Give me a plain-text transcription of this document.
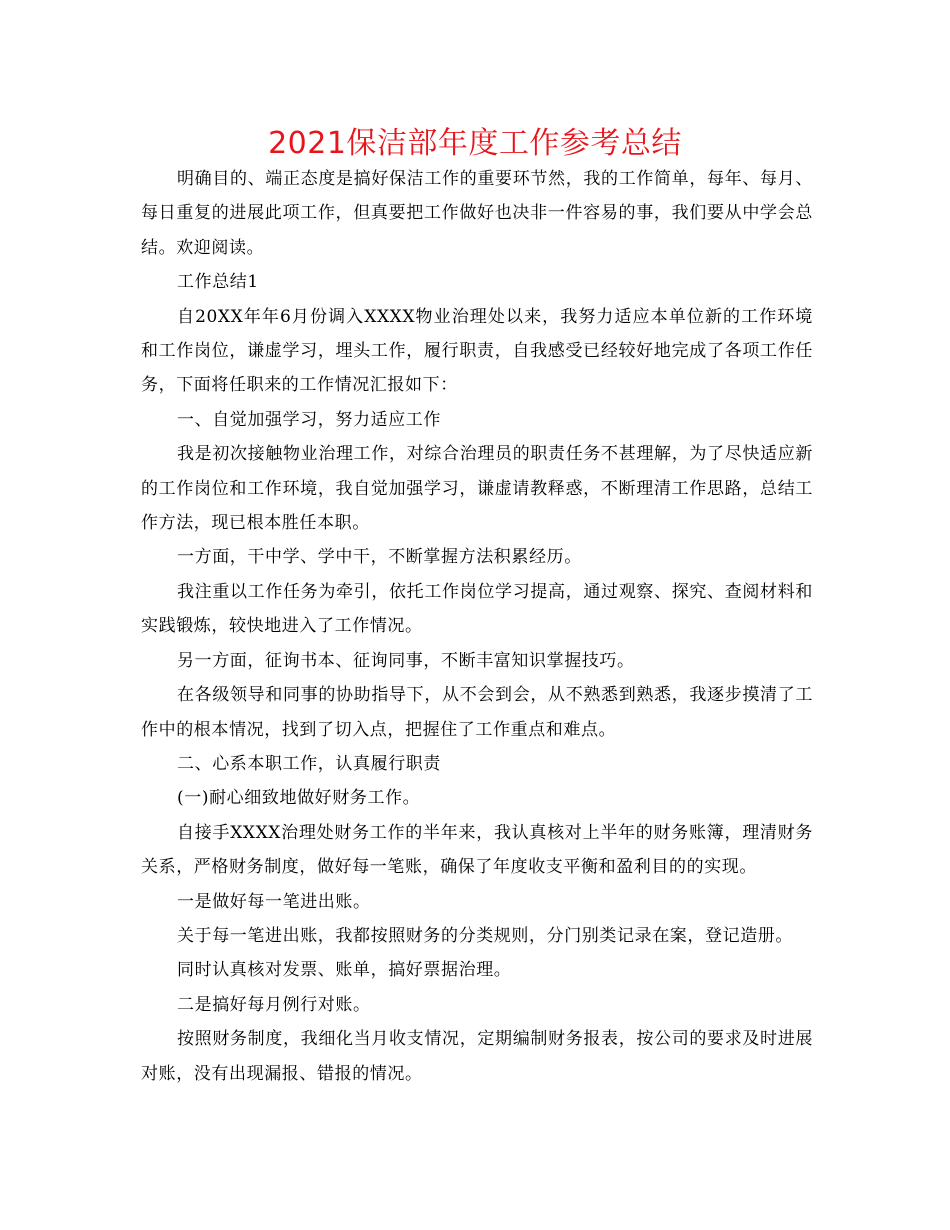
2021保洁部年度工作参考总结

明确目的、端正态度是搞好保洁工作的重要环节然，我的工作简单，每年、每月、每日重复的进展此项工作，但真要把工作做好也决非一件容易的事，我们要从中学会总结。欢迎阅读。

工作总结1

自20XX年年6月份调入XXXX物业治理处以来，我努力适应本单位新的工作环境和工作岗位，谦虚学习，埋头工作，履行职责，自我感受已经较好地完成了各项工作任务，下面将任职来的工作情况汇报如下：

一、自觉加强学习，努力适应工作

我是初次接触物业治理工作，对综合治理员的职责任务不甚理解，为了尽快适应新的工作岗位和工作环境，我自觉加强学习，谦虚请教释惑，不断理清工作思路，总结工作方法，现已根本胜任本职。

一方面，干中学、学中干，不断掌握方法积累经历。

我注重以工作任务为牵引，依托工作岗位学习提高，通过观察、探究、查阅材料和实践锻炼，较快地进入了工作情况。

另一方面，征询书本、征询同事，不断丰富知识掌握技巧。

在各级领导和同事的协助指导下，从不会到会，从不熟悉到熟悉，我逐步摸清了工作中的根本情况，找到了切入点，把握住了工作重点和难点。

二、心系本职工作，认真履行职责

(一)耐心细致地做好财务工作。

自接手XXXX治理处财务工作的半年来，我认真核对上半年的财务账簿，理清财务关系，严格财务制度，做好每一笔账，确保了年度收支平衡和盈利目的的实现。

一是做好每一笔进出账。

关于每一笔进出账，我都按照财务的分类规则，分门别类记录在案，登记造册。

同时认真核对发票、账单，搞好票据治理。

二是搞好每月例行对账。

按照财务制度，我细化当月收支情况，定期编制财务报表，按公司的要求及时进展对账，没有出现漏报、错报的情况。
